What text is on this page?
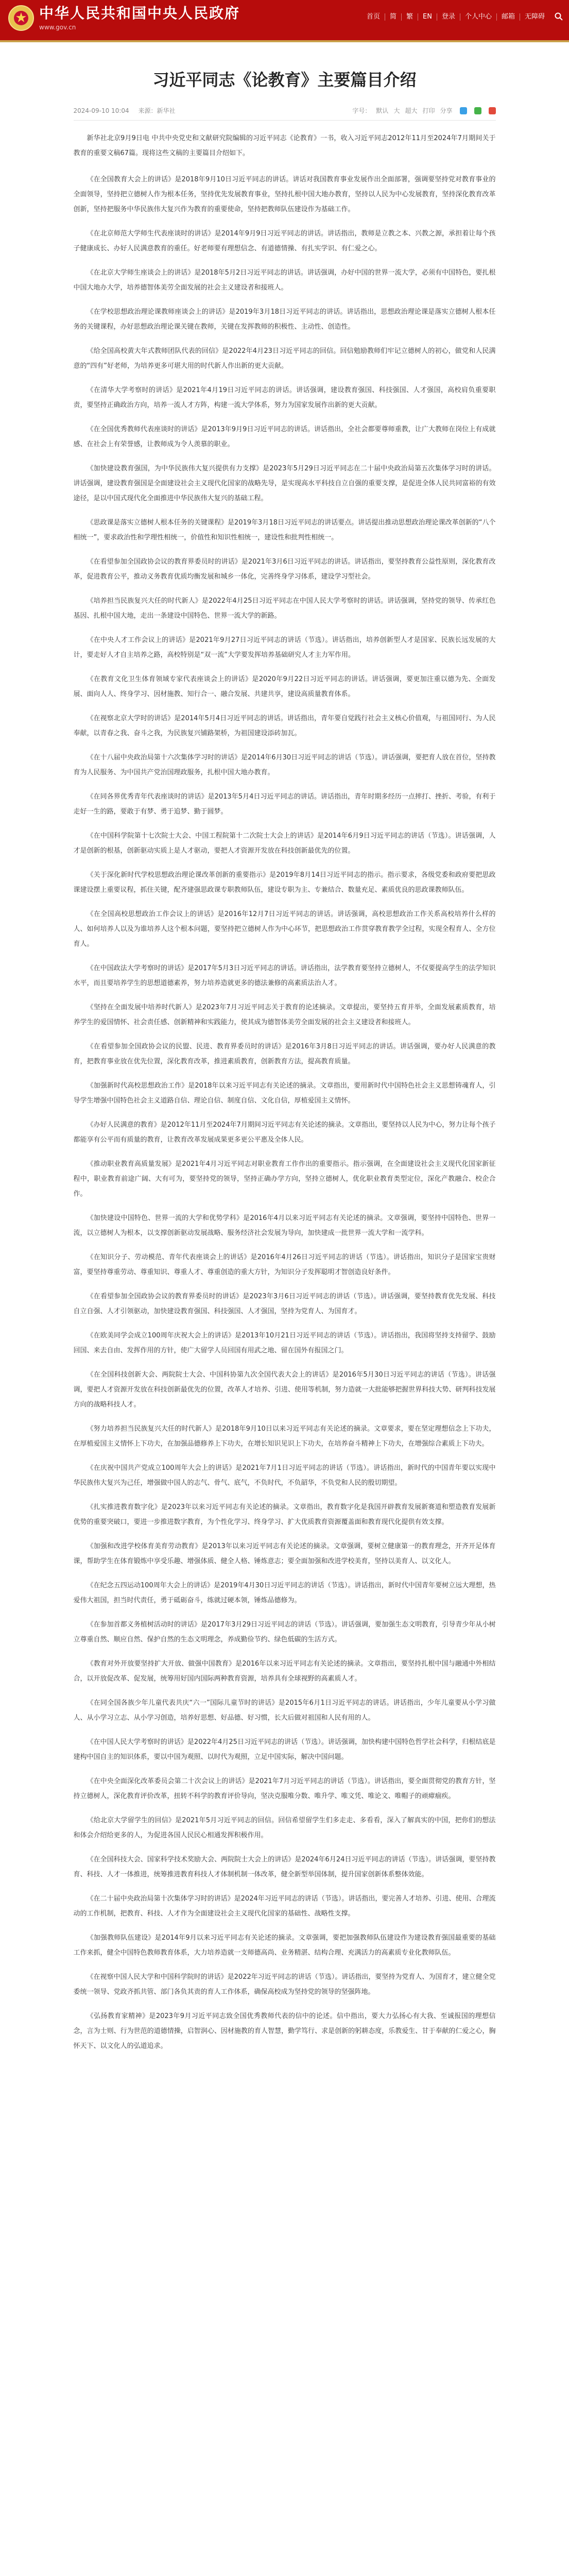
中华人民共和国中央人民政府
www.gov.cn
首页	简	繁	EN	登录	个人中心	邮箱	无障碍
习近平同志《论教育》主要篇目介绍
2024-09-10 10:04 来源：新华社	字号： 默认 大 超大 打印 分享

新华社北京9月9日电 中共中央党史和文献研究院编辑的习近平同志《论教育》一书，收入习近平同志2012年11月至2024年7月期间关于教育的重要文稿67篇。现将这些文稿的主要篇目介绍如下。

《在全国教育大会上的讲话》是2018年9月10日习近平同志的讲话。讲话对我国教育事业发展作出全面部署，强调要坚持党对教育事业的全面领导，坚持把立德树人作为根本任务，坚持优先发展教育事业，坚持扎根中国大地办教育，坚持以人民为中心发展教育，坚持深化教育改革创新，坚持把服务中华民族伟大复兴作为教育的重要使命，坚持把教师队伍建设作为基础工作。

《在北京师范大学师生代表座谈时的讲话》是2014年9月9日习近平同志的讲话。讲话指出，教师是立教之本、兴教之源，承担着让每个孩子健康成长、办好人民满意教育的重任。好老师要有理想信念、有道德情操、有扎实学识、有仁爱之心。

《在北京大学师生座谈会上的讲话》是2018年5月2日习近平同志的讲话。讲话强调，办好中国的世界一流大学，必须有中国特色，要扎根中国大地办大学，培养德智体美劳全面发展的社会主义建设者和接班人。

《在学校思想政治理论课教师座谈会上的讲话》是2019年3月18日习近平同志的讲话。讲话指出，思想政治理论课是落实立德树人根本任务的关键课程，办好思想政治理论课关键在教师，关键在发挥教师的积极性、主动性、创造性。

《给全国高校黄大年式教师团队代表的回信》是2022年4月23日习近平同志的回信。回信勉励教师们牢记立德树人的初心，做党和人民满意的“四有”好老师，为培养更多可堪大用的时代新人作出新的更大贡献。

《在清华大学考察时的讲话》是2021年4月19日习近平同志的讲话。讲话强调，建设教育强国、科技强国、人才强国，高校肩负重要职责，要坚持正确政治方向，培养一流人才方阵，构建一流大学体系，努力为国家发展作出新的更大贡献。

《在全国优秀教师代表座谈时的讲话》是2013年9月9日习近平同志的讲话。讲话指出，全社会都要尊师重教，让广大教师在岗位上有成就感、在社会上有荣誉感，让教师成为令人羡慕的职业。

《加快建设教育强国，为中华民族伟大复兴提供有力支撑》是2023年5月29日习近平同志在二十届中央政治局第五次集体学习时的讲话。讲话强调，建设教育强国是全面建设社会主义现代化国家的战略先导，是实现高水平科技自立自强的重要支撑，是促进全体人民共同富裕的有效途径，是以中国式现代化全面推进中华民族伟大复兴的基础工程。

《思政课是落实立德树人根本任务的关键课程》是2019年3月18日习近平同志的讲话要点。讲话提出推动思想政治理论课改革创新的“八个相统一”，要求政治性和学理性相统一，价值性和知识性相统一，建设性和批判性相统一。

《在看望参加全国政协会议的教育界委员时的讲话》是2021年3月6日习近平同志的讲话。讲话指出，要坚持教育公益性原则，深化教育改革，促进教育公平，推动义务教育优质均衡发展和城乡一体化，完善终身学习体系，建设学习型社会。

《培养担当民族复兴大任的时代新人》是2022年4月25日习近平同志在中国人民大学考察时的讲话。讲话强调，坚持党的领导、传承红色基因、扎根中国大地，走出一条建设中国特色、世界一流大学的新路。

《在中央人才工作会议上的讲话》是2021年9月27日习近平同志的讲话（节选）。讲话指出，培养创新型人才是国家、民族长远发展的大计，要走好人才自主培养之路，高校特别是“双一流”大学要发挥培养基础研究人才主力军作用。

《在教育文化卫生体育领域专家代表座谈会上的讲话》是2020年9月22日习近平同志的讲话。讲话强调，要更加注重以德为先、全面发展、面向人人、终身学习、因材施教、知行合一、融合发展、共建共享，建设高质量教育体系。

《在视察北京大学时的讲话》是2014年5月4日习近平同志的讲话。讲话指出，青年要自觉践行社会主义核心价值观，与祖国同行、为人民奉献，以青春之我、奋斗之我，为民族复兴铺路架桥，为祖国建设添砖加瓦。

《在十八届中央政治局第十六次集体学习时的讲话》是2014年6月30日习近平同志的讲话（节选）。讲话强调，要把育人放在首位，坚持教育为人民服务、为中国共产党治国理政服务，扎根中国大地办教育。

《在同各界优秀青年代表座谈时的讲话》是2013年5月4日习近平同志的讲话。讲话指出，青年时期多经历一点摔打、挫折、考验，有利于走好一生的路，要敢于有梦、勇于追梦、勤于圆梦。

《在中国科学院第十七次院士大会、中国工程院第十二次院士大会上的讲话》是2014年6月9日习近平同志的讲话（节选）。讲话强调，人才是创新的根基，创新驱动实质上是人才驱动，要把人才资源开发放在科技创新最优先的位置。

《关于深化新时代学校思想政治理论课改革创新的重要指示》是2019年8月14日习近平同志的指示。指示要求，各级党委和政府要把思政课建设摆上重要议程，抓住关键，配齐建强思政课专职教师队伍，建设专职为主、专兼结合、数量充足、素质优良的思政课教师队伍。

《在全国高校思想政治工作会议上的讲话》是2016年12月7日习近平同志的讲话。讲话强调，高校思想政治工作关系高校培养什么样的人、如何培养人以及为谁培养人这个根本问题，要坚持把立德树人作为中心环节，把思想政治工作贯穿教育教学全过程，实现全程育人、全方位育人。

《在中国政法大学考察时的讲话》是2017年5月3日习近平同志的讲话。讲话指出，法学教育要坚持立德树人，不仅要提高学生的法学知识水平，而且要培养学生的思想道德素养，努力培养造就更多的德法兼修的高素质法治人才。

《坚持在全面发展中培养时代新人》是2023年7月习近平同志关于教育的论述摘录。文章提出，要坚持五育并举，全面发展素质教育，培养学生的爱国情怀、社会责任感、创新精神和实践能力，使其成为德智体美劳全面发展的社会主义建设者和接班人。

《在看望参加全国政协会议的民盟、民进、教育界委员时的讲话》是2016年3月8日习近平同志的讲话。讲话强调，要办好人民满意的教育，把教育事业放在优先位置，深化教育改革，推进素质教育，创新教育方法，提高教育质量。

《加强新时代高校思想政治工作》是2018年以来习近平同志有关论述的摘录。文章指出，要用新时代中国特色社会主义思想铸魂育人，引导学生增强中国特色社会主义道路自信、理论自信、制度自信、文化自信，厚植爱国主义情怀。

《办好人民满意的教育》是2012年11月至2024年7月期间习近平同志有关论述的摘录。文章指出，要坚持以人民为中心，努力让每个孩子都能享有公平而有质量的教育，让教育改革发展成果更多更公平惠及全体人民。

《推动职业教育高质量发展》是2021年4月习近平同志对职业教育工作作出的重要指示。指示强调，在全面建设社会主义现代化国家新征程中，职业教育前途广阔、大有可为，要坚持党的领导，坚持正确办学方向，坚持立德树人，优化职业教育类型定位，深化产教融合、校企合作。

《加快建设中国特色、世界一流的大学和优势学科》是2016年4月以来习近平同志有关论述的摘录。文章强调，要坚持中国特色、世界一流，以立德树人为根本，以支撑创新驱动发展战略、服务经济社会发展为导向，加快建成一批世界一流大学和一流学科。

《在知识分子、劳动模范、青年代表座谈会上的讲话》是2016年4月26日习近平同志的讲话（节选）。讲话指出，知识分子是国家宝贵财富，要坚持尊重劳动、尊重知识、尊重人才、尊重创造的重大方针，为知识分子发挥聪明才智创造良好条件。

《在看望参加全国政协会议的教育界委员时的讲话》是2023年3月6日习近平同志的讲话（节选）。讲话强调，要坚持教育优先发展、科技自立自强、人才引领驱动，加快建设教育强国、科技强国、人才强国，坚持为党育人、为国育才。

《在欧美同学会成立100周年庆祝大会上的讲话》是2013年10月21日习近平同志的讲话（节选）。讲话指出，我国将坚持支持留学、鼓励回国、来去自由、发挥作用的方针，使广大留学人员回国有用武之地、留在国外有报国之门。

《在全国科技创新大会、两院院士大会、中国科协第九次全国代表大会上的讲话》是2016年5月30日习近平同志的讲话（节选）。讲话强调，要把人才资源开发放在科技创新最优先的位置，改革人才培养、引进、使用等机制，努力造就一大批能够把握世界科技大势、研判科技发展方向的战略科技人才。

《努力培养担当民族复兴大任的时代新人》是2018年9月10日以来习近平同志有关论述的摘录。文章要求，要在坚定理想信念上下功夫，在厚植爱国主义情怀上下功夫，在加强品德修养上下功夫，在增长知识见识上下功夫，在培养奋斗精神上下功夫，在增强综合素质上下功夫。

《在庆祝中国共产党成立100周年大会上的讲话》是2021年7月1日习近平同志的讲话（节选）。讲话指出，新时代的中国青年要以实现中华民族伟大复兴为己任，增强做中国人的志气、骨气、底气，不负时代，不负韶华，不负党和人民的殷切期望。

《扎实推进教育数字化》是2023年以来习近平同志有关论述的摘录。文章指出，教育数字化是我国开辟教育发展新赛道和塑造教育发展新优势的重要突破口，要进一步推进数字教育，为个性化学习、终身学习、扩大优质教育资源覆盖面和教育现代化提供有效支撑。

《加强和改进学校体育美育劳动教育》是2013年以来习近平同志有关论述的摘录。文章强调，要树立健康第一的教育理念，开齐开足体育课，帮助学生在体育锻炼中享受乐趣、增强体质、健全人格、锤炼意志；要全面加强和改进学校美育，坚持以美育人、以文化人。

《在纪念五四运动100周年大会上的讲话》是2019年4月30日习近平同志的讲话（节选）。讲话指出，新时代中国青年要树立远大理想，热爱伟大祖国，担当时代责任，勇于砥砺奋斗，练就过硬本领，锤炼品德修为。

《在参加首都义务植树活动时的讲话》是2017年3月29日习近平同志的讲话（节选）。讲话强调，要加强生态文明教育，引导青少年从小树立尊重自然、顺应自然、保护自然的生态文明理念，养成勤俭节约、绿色低碳的生活方式。

《教育对外开放要坚持扩大开放、做强中国教育》是2016年以来习近平同志有关论述的摘录。文章指出，要坚持扎根中国与融通中外相结合，以开放促改革、促发展，统筹用好国内国际两种教育资源，培养具有全球视野的高素质人才。

《在同全国各族少年儿童代表共庆“六一”国际儿童节时的讲话》是2015年6月1日习近平同志的讲话。讲话指出，少年儿童要从小学习做人、从小学习立志、从小学习创造，培养好思想、好品德、好习惯，长大后做对祖国和人民有用的人。

《在中国人民大学考察时的讲话》是2022年4月25日习近平同志的讲话（节选）。讲话强调，加快构建中国特色哲学社会科学，归根结底是建构中国自主的知识体系，要以中国为观照、以时代为观照，立足中国实际，解决中国问题。

《在中央全面深化改革委员会第二十次会议上的讲话》是2021年7月习近平同志的讲话（节选）。讲话指出，要全面贯彻党的教育方针，坚持立德树人，深化教育评价改革，扭转不科学的教育评价导向，坚决克服唯分数、唯升学、唯文凭、唯论文、唯帽子的顽瘴痼疾。

《给北京大学留学生的回信》是2021年5月习近平同志的回信。回信希望留学生们多走走、多看看，深入了解真实的中国，把你们的想法和体会介绍给更多的人，为促进各国人民民心相通发挥积极作用。

《在全国科技大会、国家科学技术奖励大会、两院院士大会上的讲话》是2024年6月24日习近平同志的讲话（节选）。讲话强调，要坚持教育、科技、人才一体推进，统筹推进教育科技人才体制机制一体改革，健全新型举国体制，提升国家创新体系整体效能。

《在二十届中央政治局第十次集体学习时的讲话》是2024年习近平同志的讲话（节选）。讲话指出，要完善人才培养、引进、使用、合理流动的工作机制，把教育、科技、人才作为全面建设社会主义现代化国家的基础性、战略性支撑。

《加强教师队伍建设》是2014年9月以来习近平同志有关论述的摘录。文章强调，要把加强教师队伍建设作为建设教育强国最重要的基础工作来抓，健全中国特色教师教育体系，大力培养造就一支师德高尚、业务精湛、结构合理、充满活力的高素质专业化教师队伍。

《在视察中国人民大学和中国科学院时的讲话》是2022年习近平同志的讲话（节选）。讲话指出，要坚持为党育人、为国育才，建立健全党委统一领导、党政齐抓共管、部门各负其责的育人工作体系，确保高校成为坚持党的领导的坚强阵地。

《弘扬教育家精神》是2023年9月习近平同志致全国优秀教师代表的信中的论述。信中指出，要大力弘扬心有大我、至诚报国的理想信念，言为士则、行为世范的道德情操，启智润心、因材施教的育人智慧，勤学笃行、求是创新的躬耕态度，乐教爱生、甘于奉献的仁爱之心，胸怀天下、以文化人的弘道追求。
